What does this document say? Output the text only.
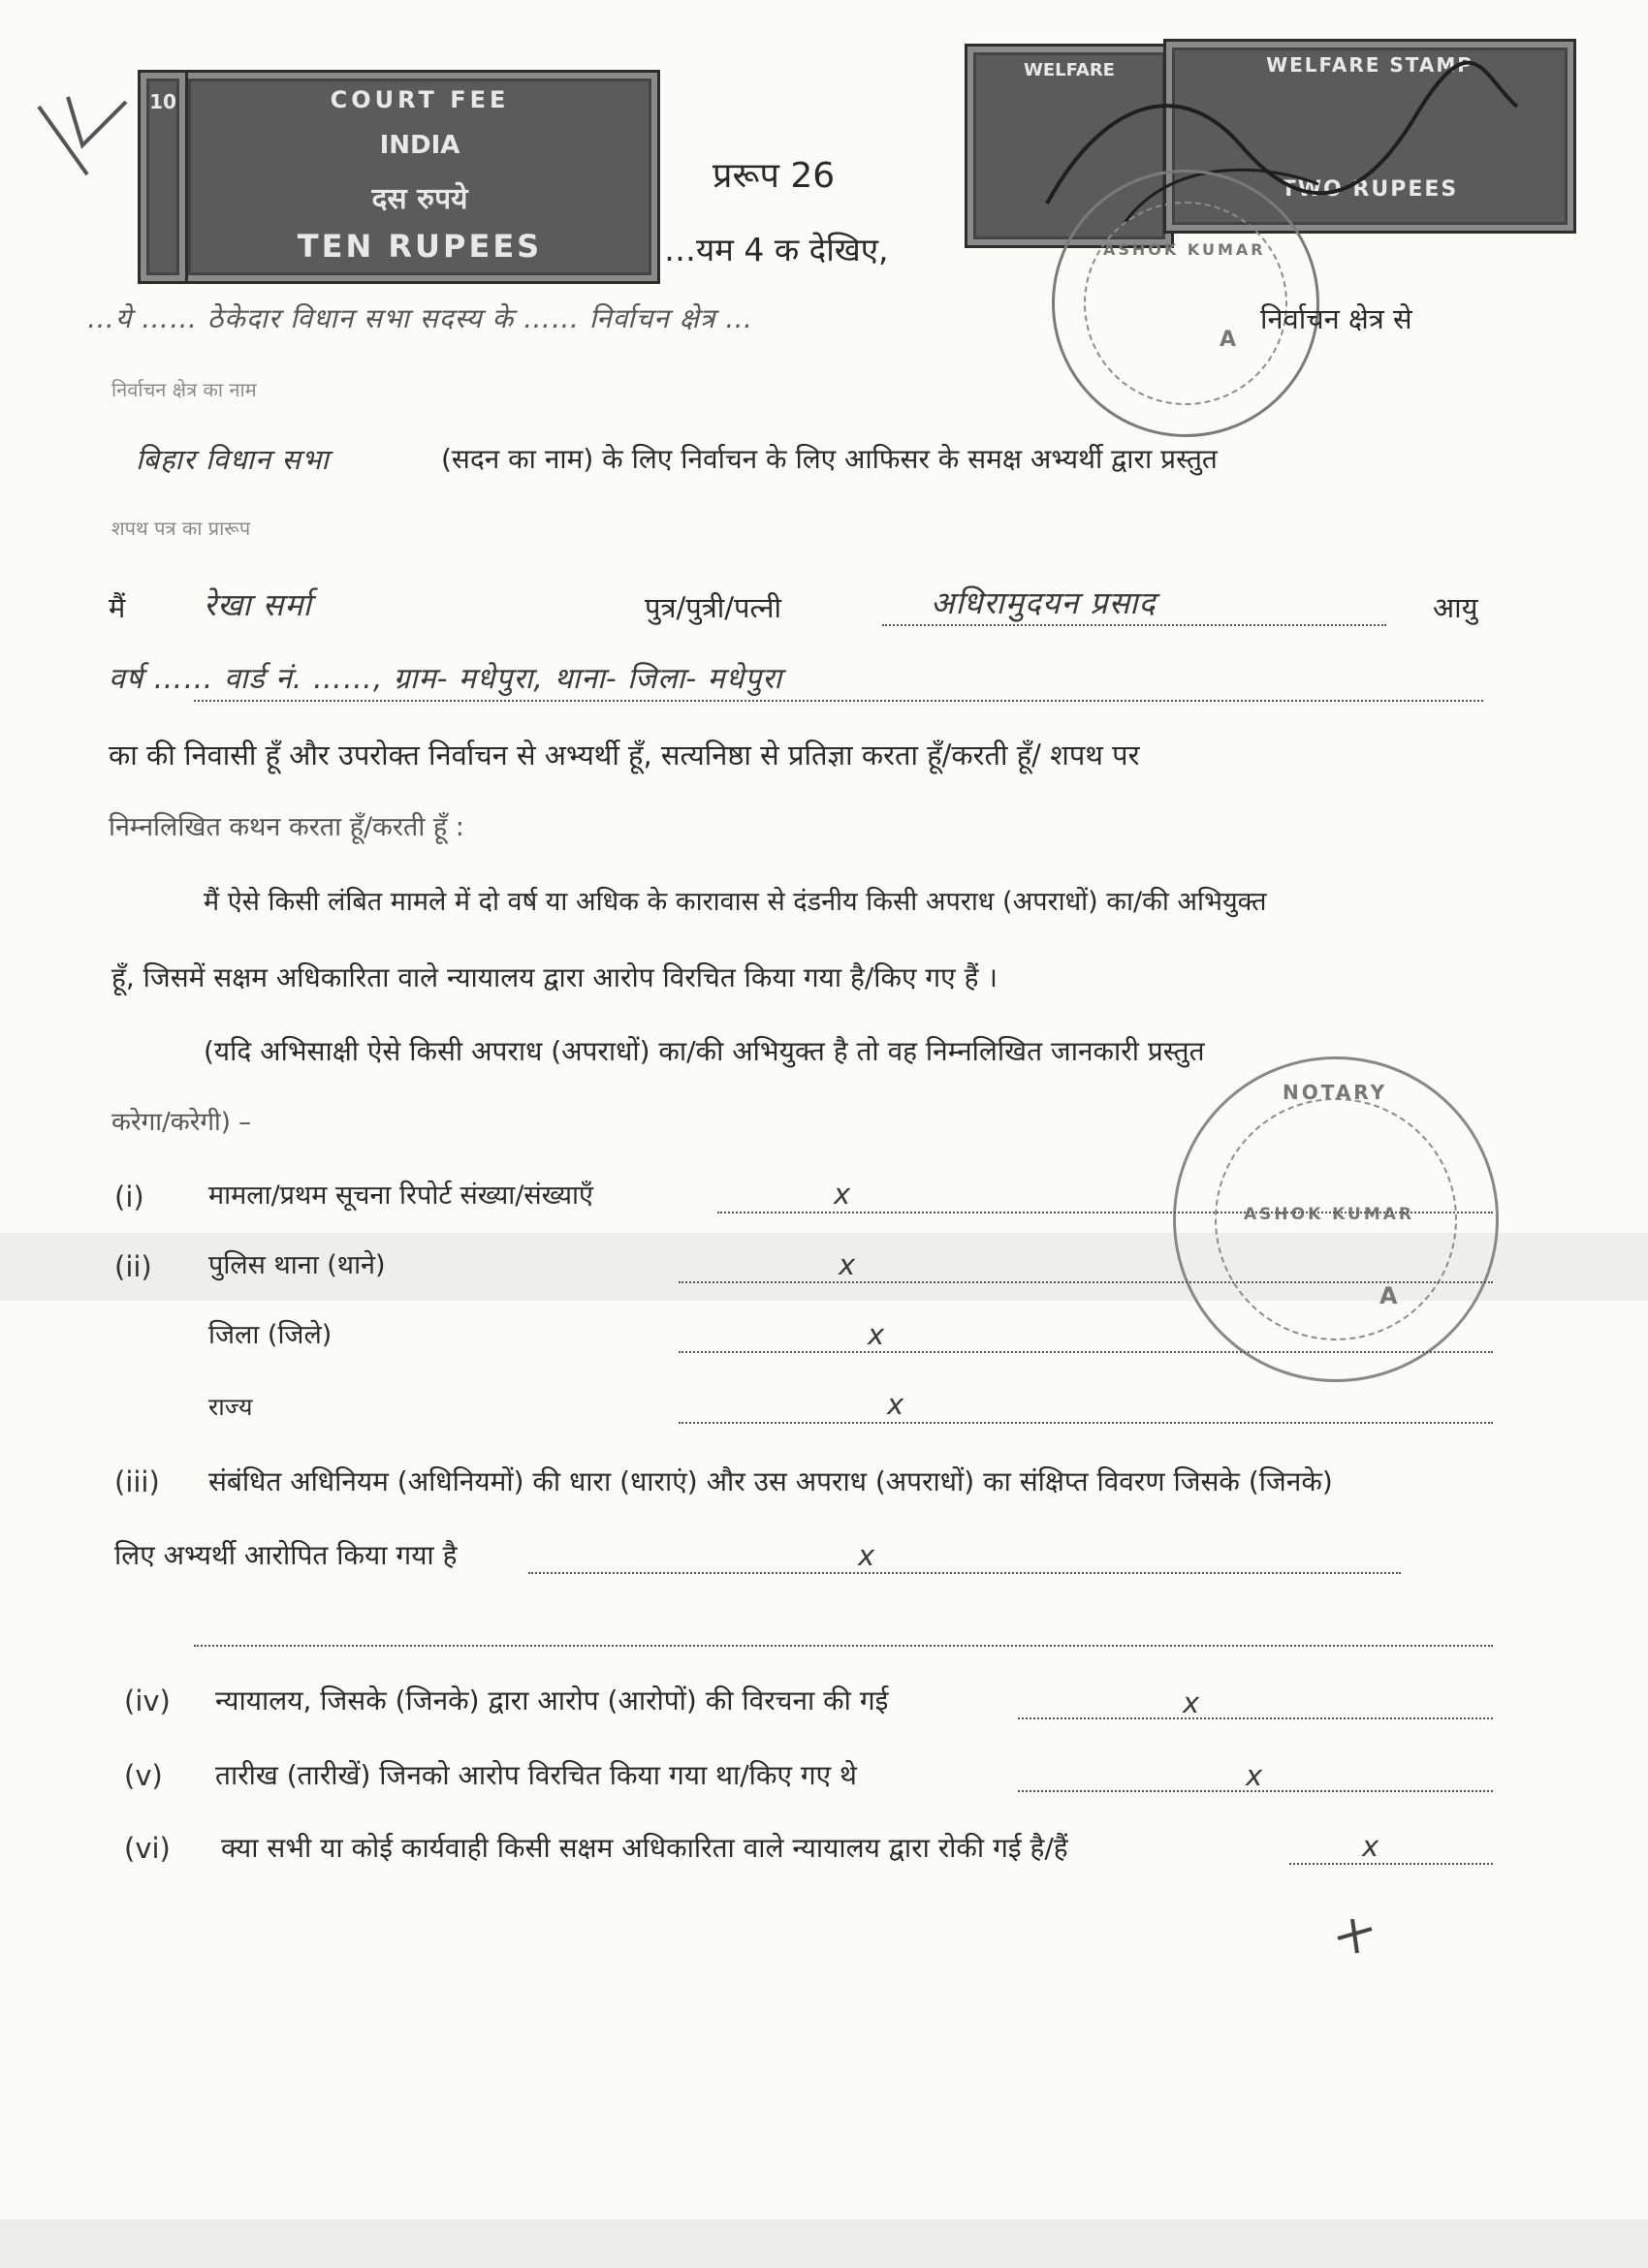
COURT FEE
INDIA
दस रुपये
TEN RUPEES
10
WELFARE	WELFARE STAMP
TWO RUPEES
ASHOK KUMAR
A
प्ररूप 26
…यम 4 क देखिए,
…ये …… ठेकेदार विधान सभा सदस्य के …… निर्वाचन क्षेत्र …	निर्वाचन क्षेत्र से
निर्वाचन क्षेत्र का नाम
बिहार विधान सभा	(सदन का नाम) के लिए निर्वाचन के लिए आफिसर के समक्ष अभ्यर्थी द्वारा प्रस्तुत
शपथ पत्र का प्रारूप
मैं	रेखा सर्मा	पुत्र/पुत्री/पत्नी	अधिरामुदयन प्रसाद	आयु
वर्ष …… वार्ड नं. ……, ग्राम- मधेपुरा, थाना- जिला- मधेपुरा
का की निवासी हूँ और उपरोक्त निर्वाचन से अभ्यर्थी हूँ, सत्यनिष्ठा से प्रतिज्ञा करता हूँ/करती हूँ/ शपथ पर
निम्नलिखित कथन करता हूँ/करती हूँ :
मैं ऐसे किसी लंबित मामले में दो वर्ष या अधिक के कारावास से दंडनीय किसी अपराध (अपराधों) का/की अभियुक्त
हूँ, जिसमें सक्षम अधिकारिता वाले न्यायालय द्वारा आरोप विरचित किया गया है/किए गए हैं ।
(यदि अभिसाक्षी ऐसे किसी अपराध (अपराधों) का/की अभियुक्त है तो वह निम्नलिखित जानकारी प्रस्तुत
करेगा/करेगी) –
NOTARY
ASHOK KUMAR
A
(i) मामला/प्रथम सूचना रिपोर्ट संख्या/संख्याएँ	x
(ii) पुलिस थाना (थाने)	x
जिला (जिले)	x
राज्य	x
(iii) संबंधित अधिनियम (अधिनियमों) की धारा (धाराएं) और उस अपराध (अपराधों) का संक्षिप्त विवरण जिसके (जिनके)
लिए अभ्यर्थी आरोपित किया गया है	x
(iv) न्यायालय, जिसके (जिनके) द्वारा आरोप (आरोपों) की विरचना की गई	x
(v) तारीख (तारीखें) जिनको आरोप विरचित किया गया था/किए गए थे	x
(vi) क्या सभी या कोई कार्यवाही किसी सक्षम अधिकारिता वाले न्यायालय द्वारा रोकी गई है/हैं	x
